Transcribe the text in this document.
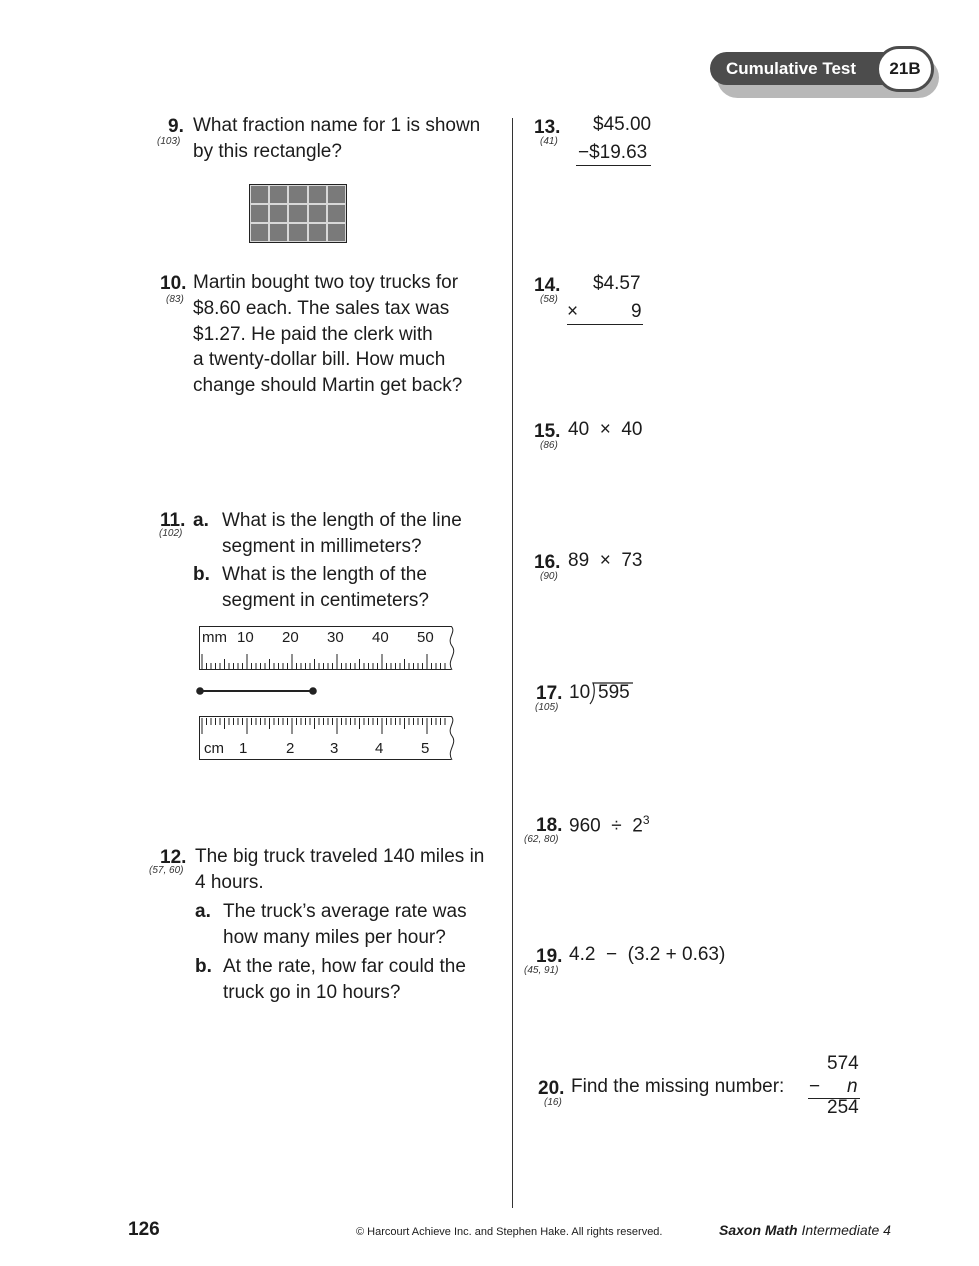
Cumulative Test	21B
9.
(103)
What fraction name for 1 is shown
by this rectangle?
10.
(83)
Martin bought two toy trucks for
$8.60 each. The sales tax was
$1.27. He paid the clerk with
a twenty-dollar bill. How much
change should Martin get back?
11.
(102)
a. What is the length of the line
segment in millimeters?
b. What is the length of the
segment in centimeters?
mm 10 20 30 40 50
cm 1	2 3 4	5
12.
(57, 60)
The big truck traveled 140 miles in
4 hours.
a. The truck’s average rate was
how many miles per hour?
b. At the rate, how far could the
truck go in 10 hours?
13.
(41)
$45.00
−$19.63
14.
(58)
$4.57
×	9
15.
(86)
40  ×  40
16.
(90)
89  ×  73
17.
(105)
10 595
18.
(62, 80)
$960 \div 2^3$
19.
(45, 91)
4.2  −  (3.2 + 0.63)
20.
(16)
Find the missing number:
574
− n
254
126	© Harcourt Achieve Inc. and Stephen Hake. All rights reserved.	Saxon Math Intermediate 4
